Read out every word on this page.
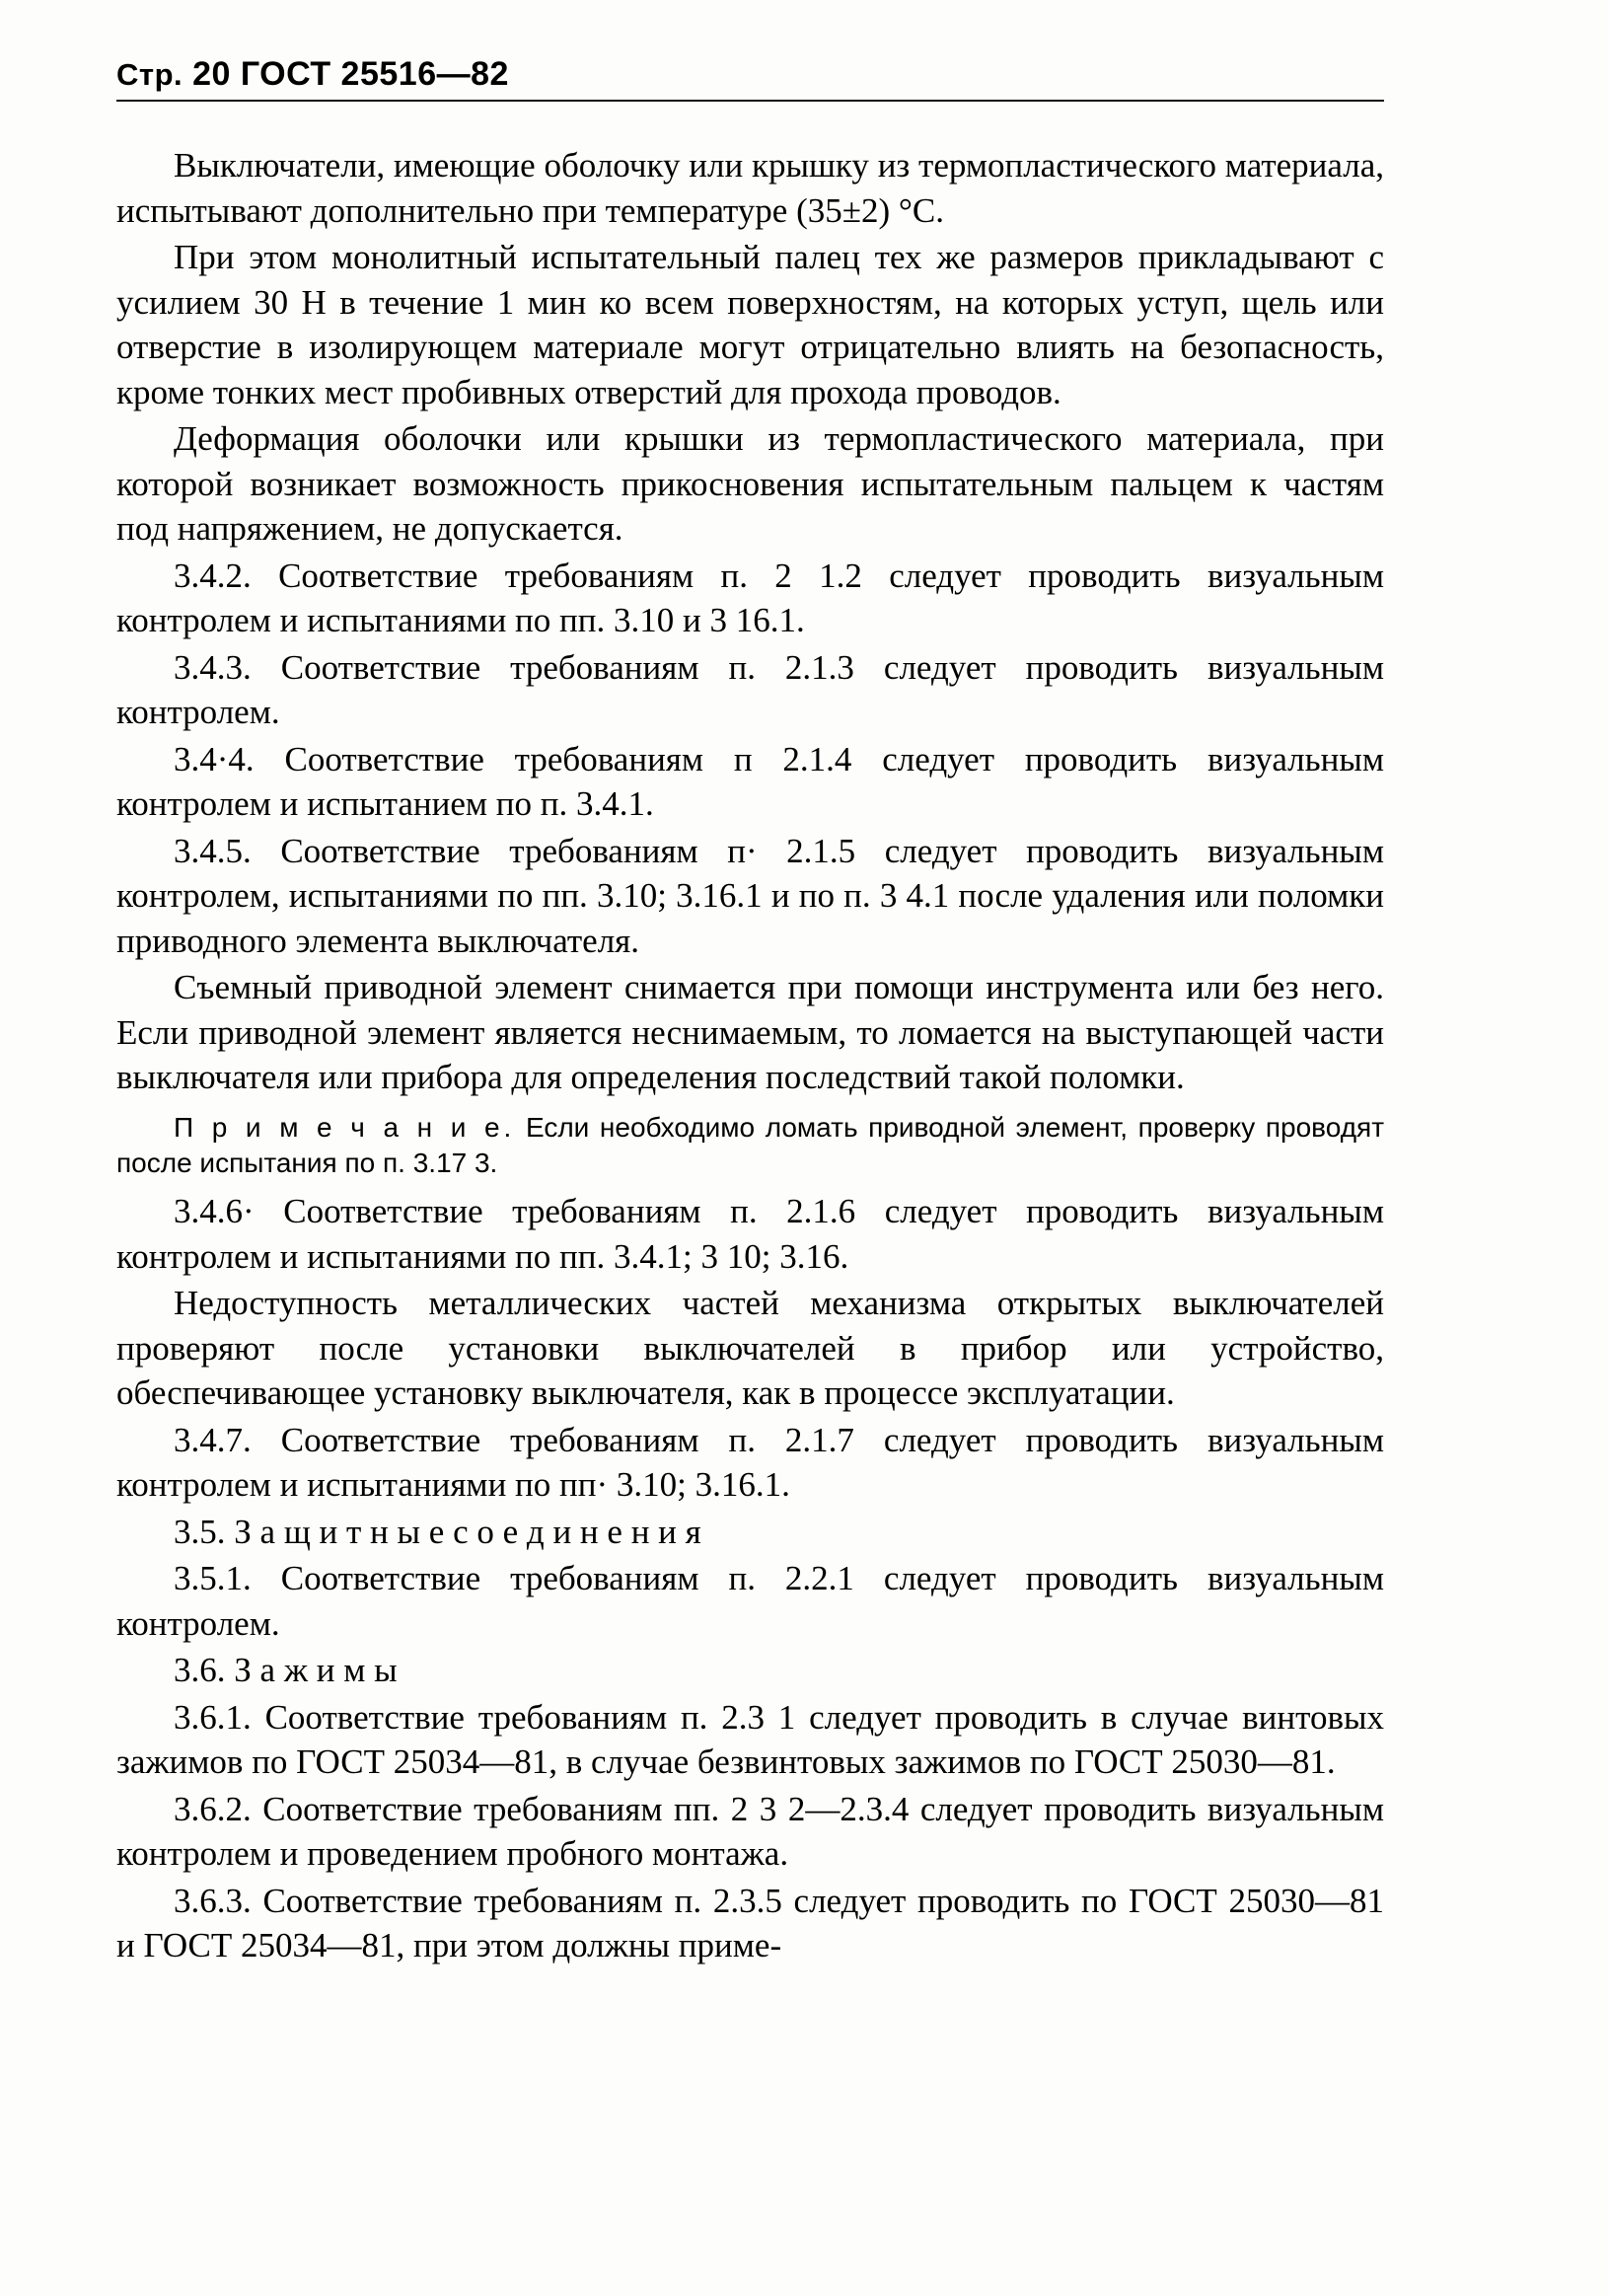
Стр. 20 ГОСТ 25516—82

Выключатели, имеющие оболочку или крышку из термопластического материала, испытывают дополнительно при температуре (35±2) °С.

При этом монолитный испытательный палец тех же размеров прикладывают с усилием 30 Н в течение 1 мин ко всем поверхностям, на которых уступ, щель или отверстие в изолирующем материале могут отрицательно влиять на безопасность, кроме тонких мест пробивных отверстий для прохода проводов.

Деформация оболочки или крышки из термопластического материала, при которой возникает возможность прикосновения испытательным пальцем к частям под напряжением, не допускается.

3.4.2. Соответствие требованиям п. 2 1.2 следует проводить визуальным контролем и испытаниями по пп. 3.10 и 3 16.1.

3.4.3. Соответствие требованиям п. 2.1.3 следует проводить визуальным контролем.

3.4·4. Соответствие требованиям п 2.1.4 следует проводить визуальным контролем и испытанием по п. 3.4.1.

3.4.5. Соответствие требованиям п· 2.1.5 следует проводить визуальным контролем, испытаниями по пп. 3.10; 3.16.1 и по п. 3 4.1 после удаления или поломки приводного элемента выключателя.

Съемный приводной элемент снимается при помощи инструмента или без него. Если приводной элемент является неснимаемым, то ломается на выступающей части выключателя или прибора для определения последствий такой поломки.

П р и м е ч а н и е. Если необходимо ломать приводной элемент, проверку проводят после испытания по п. 3.17 3.

3.4.6· Соответствие требованиям п. 2.1.6 следует проводить визуальным контролем и испытаниями по пп. 3.4.1; 3 10; 3.16.

Недоступность металлических частей механизма открытых выключателей проверяют после установки выключателей в прибор или устройство, обеспечивающее установку выключателя, как в процессе эксплуатации.

3.4.7. Соответствие требованиям п. 2.1.7 следует проводить визуальным контролем и испытаниями по пп· 3.10; 3.16.1.

3.5. З а щ и т н ы е с о е д и н е н и я

3.5.1. Соответствие требованиям п. 2.2.1 следует проводить визуальным контролем.

3.6. З а ж и м ы

3.6.1. Соответствие требованиям п. 2.3 1 следует проводить в случае винтовых зажимов по ГОСТ 25034—81, в случае безвинтовых зажимов по ГОСТ 25030—81.

3.6.2. Соответствие требованиям пп. 2 3 2—2.3.4 следует проводить визуальным контролем и проведением пробного монтажа.

3.6.3. Соответствие требованиям п. 2.3.5 следует проводить по ГОСТ 25030—81 и ГОСТ 25034—81, при этом должны приме-
